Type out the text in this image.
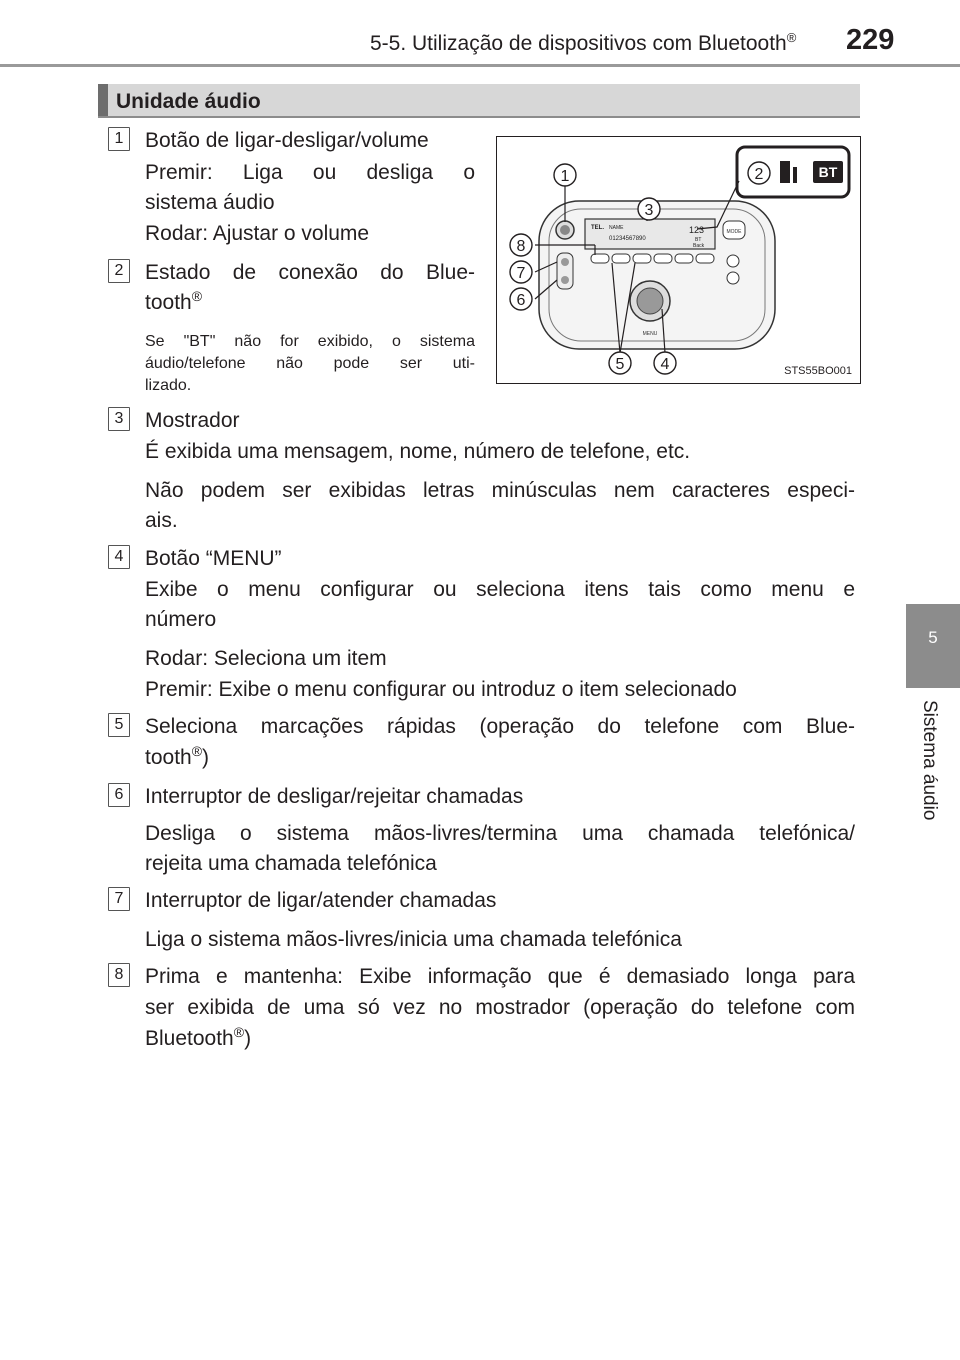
5-5. Utilização de dispositivos com Bluetooth® 229
5
Sistema áudio
Unidade áudio
MODE
TEL. NAME
01234567890
123
BT
Back
MENU
BT
1	2
3
4
5
6
7
8
STS55BO001
1	Botão de ligar-desligar/volume
Premir: Liga ou desliga o
sistema áudio
Rodar: Ajustar o volume
2	Estado de conexão do Blue-
tooth®
Se "BT" não for exibido, o sistema
áudio/telefone não pode ser uti-
lizado.
3	Mostrador
É exibida uma mensagem, nome, número de telefone, etc.
Não podem ser exibidas letras minúsculas nem caracteres especi-
ais.
4	Botão “MENU”
Exibe o menu configurar ou seleciona itens tais como menu e
número
Rodar: Seleciona um item
Premir: Exibe o menu configurar ou introduz o item selecionado
5	Seleciona marcações rápidas (operação do telefone com Blue-
tooth®)
6	Interruptor de desligar/rejeitar chamadas
Desliga o sistema mãos-livres/termina uma chamada telefónica/
rejeita uma chamada telefónica
7	Interruptor de ligar/atender chamadas
Liga o sistema mãos-livres/inicia uma chamada telefónica
8	Prima e mantenha: Exibe informação que é demasiado longa para
ser exibida de uma só vez no mostrador (operação do telefone com
Bluetooth®)
